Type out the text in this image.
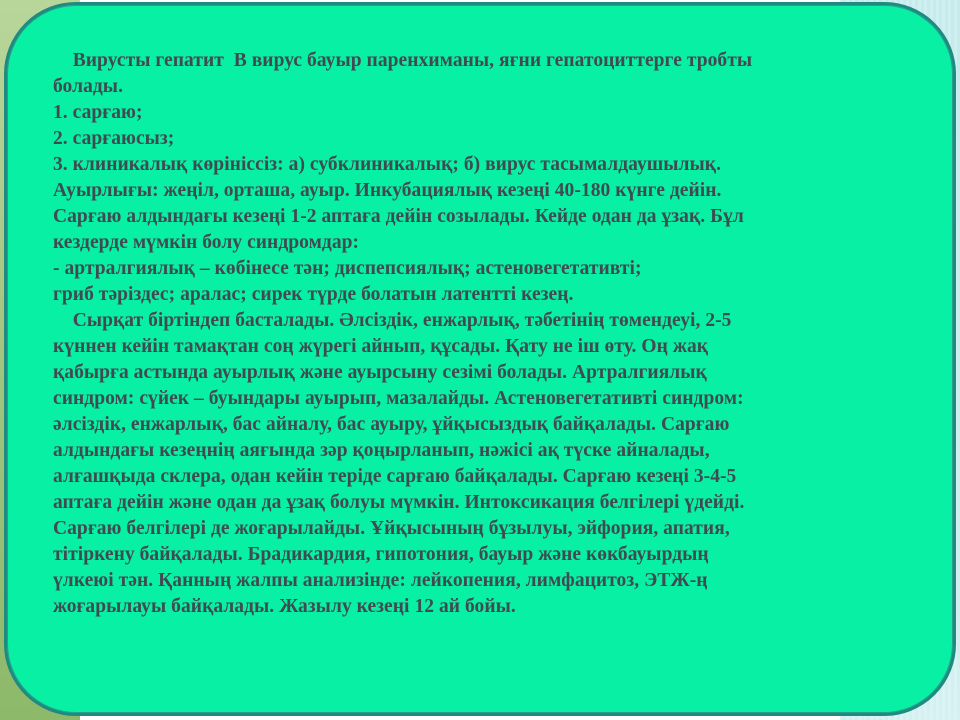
Вирусты гепатит  В вирус бауыр паренхиманы, яғни гепатоциттерге тробты
болады.
1. сарғаю;
2. сарғаюсыз;
3. клиникалық көрініссіз: а) субклиникалық; б) вирус тасымалдаушылық.
Ауырлығы: жеңіл, орташа, ауыр. Инкубациялық кезеңі 40-180 күнге дейін.
Сарғаю алдындағы кезеңі 1-2 аптаға дейін созылады. Кейде одан да ұзақ. Бұл
кездерде мүмкін болу синдромдар:
- артралгиялық – көбінесе тән; диспепсиялық; астеновегетативті;
гриб тәріздес; аралас; сирек түрде болатын латентті кезең.
Сырқат біртіндеп басталады. Әлсіздік, енжарлық, тәбетінің төмендеуі, 2-5
күннен кейін тамақтан соң жүрегі айнып, құсады. Қату не іш өту. Оң жақ
қабырға астында ауырлық және ауырсыну сезімі болады. Артралгиялық
синдром: сүйек – буындары ауырып, мазалайды. Астеновегетативті синдром:
әлсіздік, енжарлық, бас айналу, бас ауыру, ұйқысыздық байқалады. Сарғаю
алдындағы кезеңнің аяғында зәр қоңырланып, нәжісі ақ түске айналады,
алғашқыда склера, одан кейін теріде сарғаю байқалады. Сарғаю кезеңі 3-4-5
аптаға дейін және одан да ұзақ болуы мүмкін. Интоксикация белгілері үдейді.
Сарғаю белгілері де жоғарылайды. Ұйқысының бұзылуы, эйфория, апатия,
тітіркену байқалады. Брадикардия, гипотония, бауыр және көкбауырдың
үлкеюі тән. Қанның жалпы анализінде: лейкопения, лимфацитоз, ЭТЖ-ң
жоғарылауы байқалады. Жазылу кезеңі 12 ай бойы.
